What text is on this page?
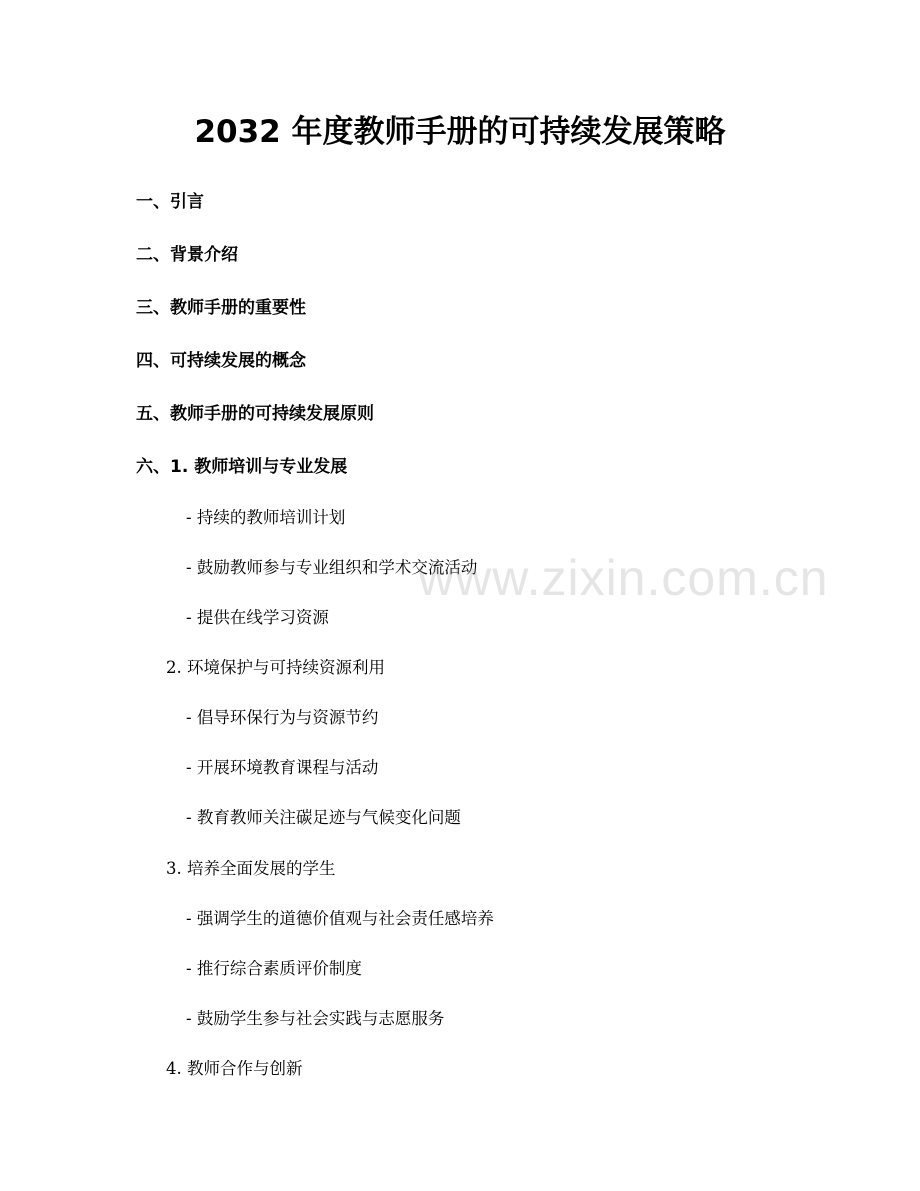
2032 年度教师手册的可持续发展策略
一、引言
二、背景介绍
三、教师手册的重要性
四、可持续发展的概念
五、教师手册的可持续发展原则
六、1. 教师培训与专业发展
- 持续的教师培训计划
- 鼓励教师参与专业组织和学术交流活动
- 提供在线学习资源
2. 环境保护与可持续资源利用
- 倡导环保行为与资源节约
- 开展环境教育课程与活动
- 教育教师关注碳足迹与气候变化问题
3. 培养全面发展的学生
- 强调学生的道德价值观与社会责任感培养
- 推行综合素质评价制度
- 鼓励学生参与社会实践与志愿服务
4. 教师合作与创新
www.zixin.com.cn
